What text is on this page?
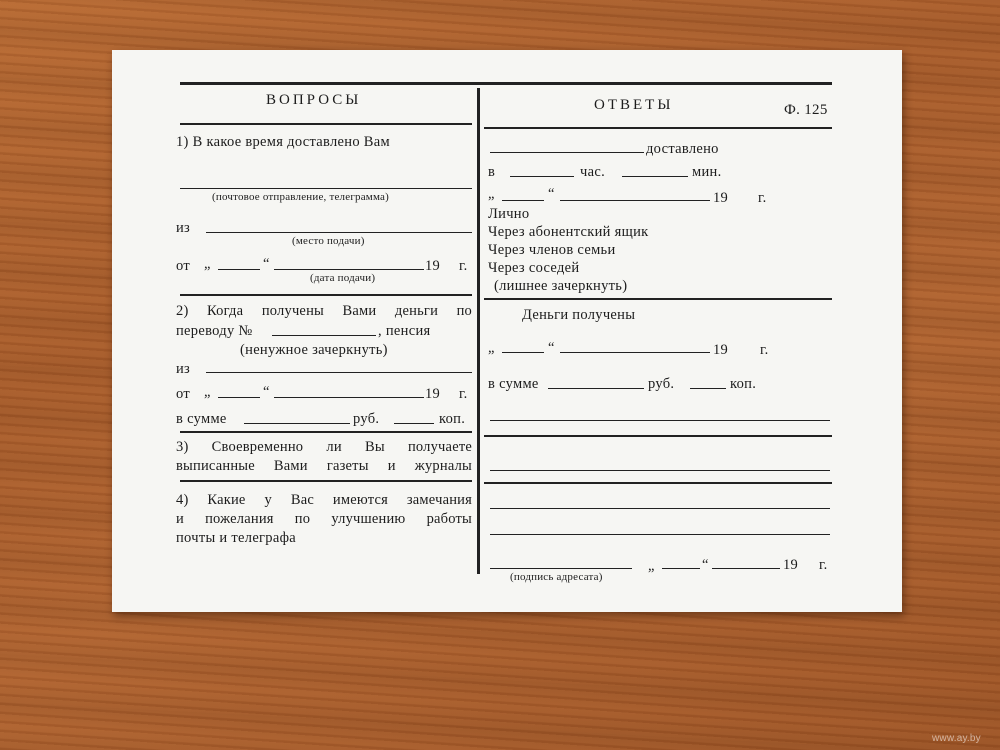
ВОПРОСЫ
1) В какое время доставлено Вам
(почтовое отправление, телеграмма)
из
(место подачи)
от „	“	19 г.
(дата подачи)
2) Когда получены Вами деньги по
переводу №	, пенсия
(ненужное зачеркнуть)
из
от „	“	19 г.
в сумме	руб.	коп.
3) Своевременно ли Вы получаете
выписанные Вами газеты и журналы
4) Какие у Вас имеются замечания
и пожелания по улучшению работы
почты и телеграфа
ОТВЕТЫ	Ф. 125
доставлено
в	час.	мин.
„	“	19 г.
Лично
Через абонентский ящик
Через членов семьи
Через соседей
(лишнее зачеркнуть)
Деньги получены
„	“	19 г.
в сумме	руб.	коп.
(подпись адресата)
„	“	19 г.
www.ay.by
